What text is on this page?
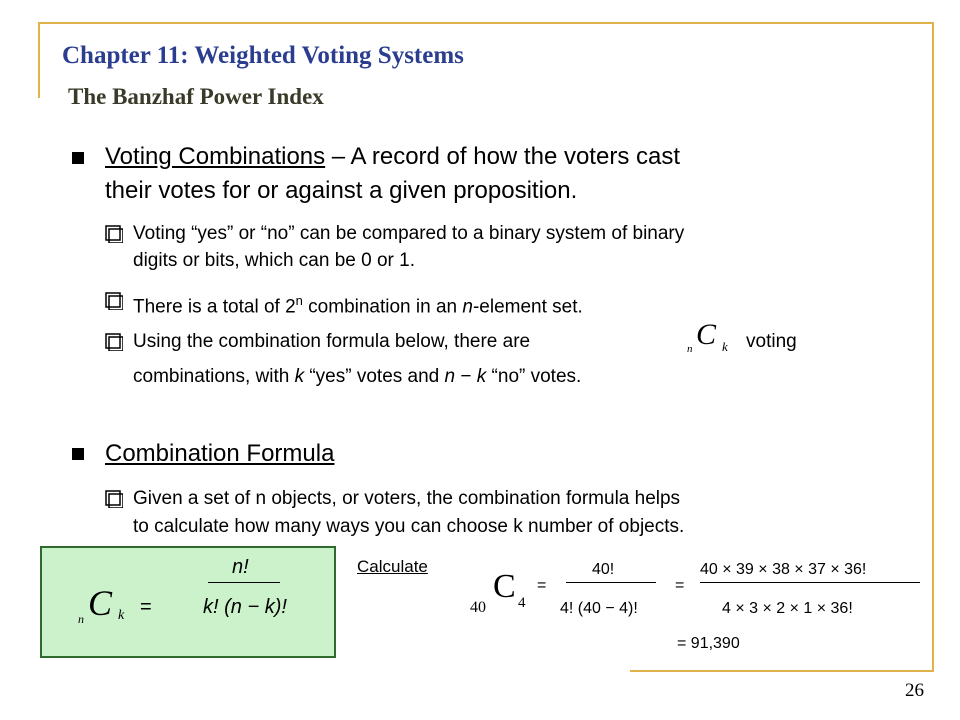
Chapter 11: Weighted Voting Systems
The Banzhaf Power Index
Voting Combinations – A record of how the voters cast
their votes for or against a given proposition.
Voting “yes” or “no” can be compared to a binary system of binary
digits or bits, which can be 0 or 1.
There is a total of 2$^n$ combination in an n-element set.
Using the combination formula below, there are	n C k voting
combinations, with k “yes” votes and n − k “no” votes.
Combination Formula
Given a set of n objects, or voters, the combination formula helps
to calculate how many ways you can choose k number of objects.
n!
n C k =	k! (n − k)!
Calculate
40
C 4
=
40!
4! (40 − 4)!
=
40 × 39 × 38 × 37 × 36!
4 × 3 × 2 × 1 × 36!
= 91,390
26
